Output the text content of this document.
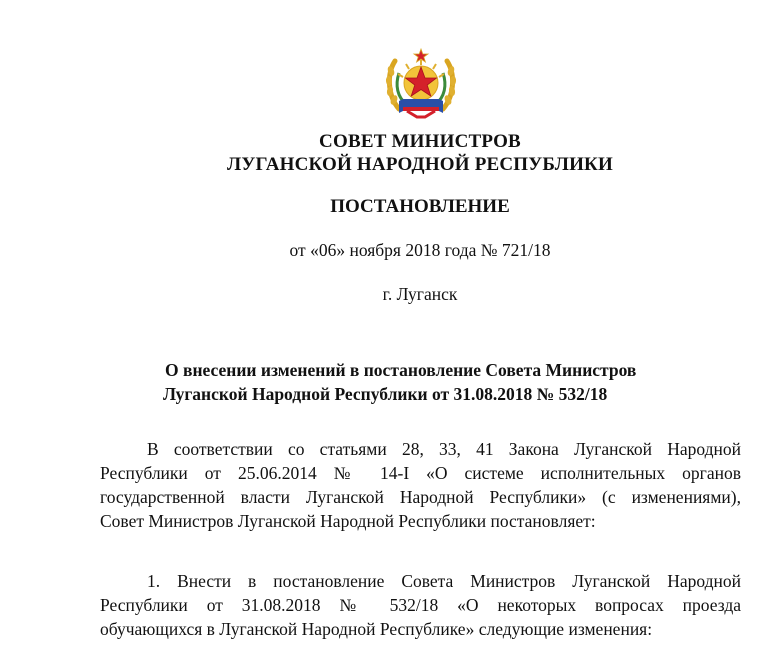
СОВЕТ МИНИСТРОВ
ЛУГАНСКОЙ НАРОДНОЙ РЕСПУБЛИКИ
ПОСТАНОВЛЕНИЕ
от «06» ноября 2018 года № 721/18
г. Луганск
О внесении изменений в постановление Совета Министров
Луганской Народной Республики от 31.08.2018 № 532/18
В соответствии со статьями 28, 33, 41 Закона Луганской Народной
Республики от 25.06.2014 № 14-I «О системе исполнительных органов
государственной власти Луганской Народной Республики» (с изменениями),
Совет Министров Луганской Народной Республики постановляет:
1. Внести в постановление Совета Министров Луганской Народной
Республики от 31.08.2018 № 532/18 «О некоторых вопросах проезда
обучающихся в Луганской Народной Республике» следующие изменения:
